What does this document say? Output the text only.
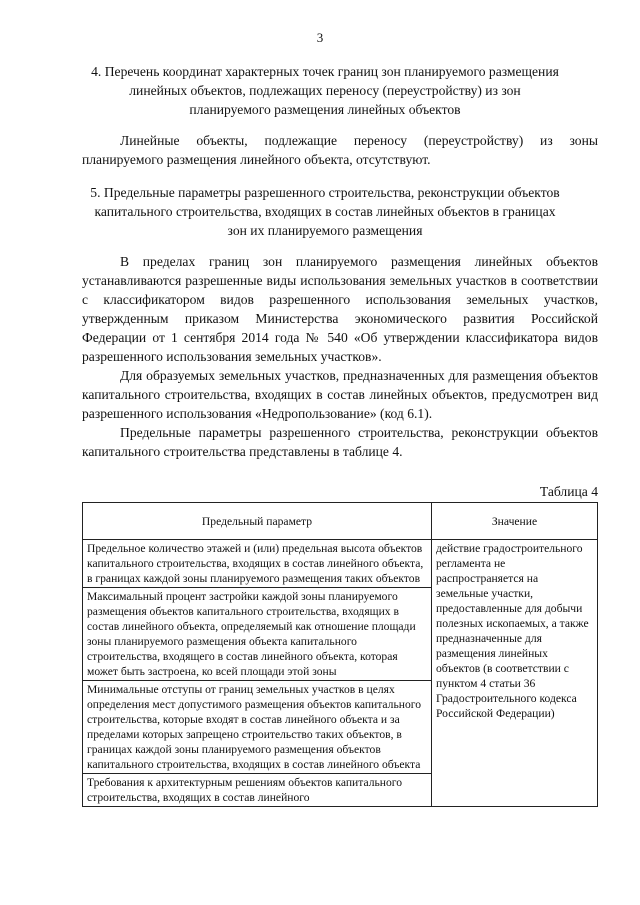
3
4. Перечень координат характерных точек границ зон планируемого размещения линейных объектов, подлежащих переносу (переустройству) из зон планируемого размещения линейных объектов

Линейные объекты, подлежащие переносу (переустройству) из зоны планируемого размещения линейного объекта, отсутствуют.

5. Предельные параметры разрешенного строительства, реконструкции объектов капитального строительства, входящих в состав линейных объектов в границах зон их планируемого размещения

В пределах границ зон планируемого размещения линейных объектов устанавливаются разрешенные виды использования земельных участков в соответствии с классификатором видов разрешенного использования земельных участков, утвержденным приказом Министерства экономического развития Российской Федерации от 1 сентября 2014 года № 540 «Об утверждении классификатора видов разрешенного использования земельных участков».

Для образуемых земельных участков, предназначенных для размещения объектов капитального строительства, входящих в состав линейных объектов, предусмотрен вид разрешенного использования «Недропользование» (код 6.1).

Предельные параметры разрешенного строительства, реконструкции объектов капитального строительства представлены в таблице 4.

Таблица 4
Предельный параметр	Значение
Предельное количество этажей и (или) предельная высота объектов капитального строительства, входящих в состав линейного объекта, в границах каждой зоны планируемого размещения таких объектов	действие градостроительного регламента не распространяется на земельные участки, предоставленные для добычи полезных ископаемых, а также предназначенные для размещения линейных объектов (в соответствии с пунктом 4 статьи 36 Градостроительного кодекса Российской Федерации)
Максимальный процент застройки каждой зоны планируемого размещения объектов капитального строительства, входящих в состав линейного объекта, определяемый как отношение площади зоны планируемого размещения объекта капитального строительства, входящего в состав линейного объекта, которая может быть застроена, ко всей площади этой зоны	
Минимальные отступы от границ земельных участков в целях определения мест допустимого размещения объектов капитального строительства, которые входят в состав линейного объекта и за пределами которых запрещено строительство таких объектов, в границах каждой зоны планируемого размещения объектов капитального строительства, входящих в состав линейного объекта	
Требования к архитектурным решениям объектов капитального строительства, входящих в состав линейного	
